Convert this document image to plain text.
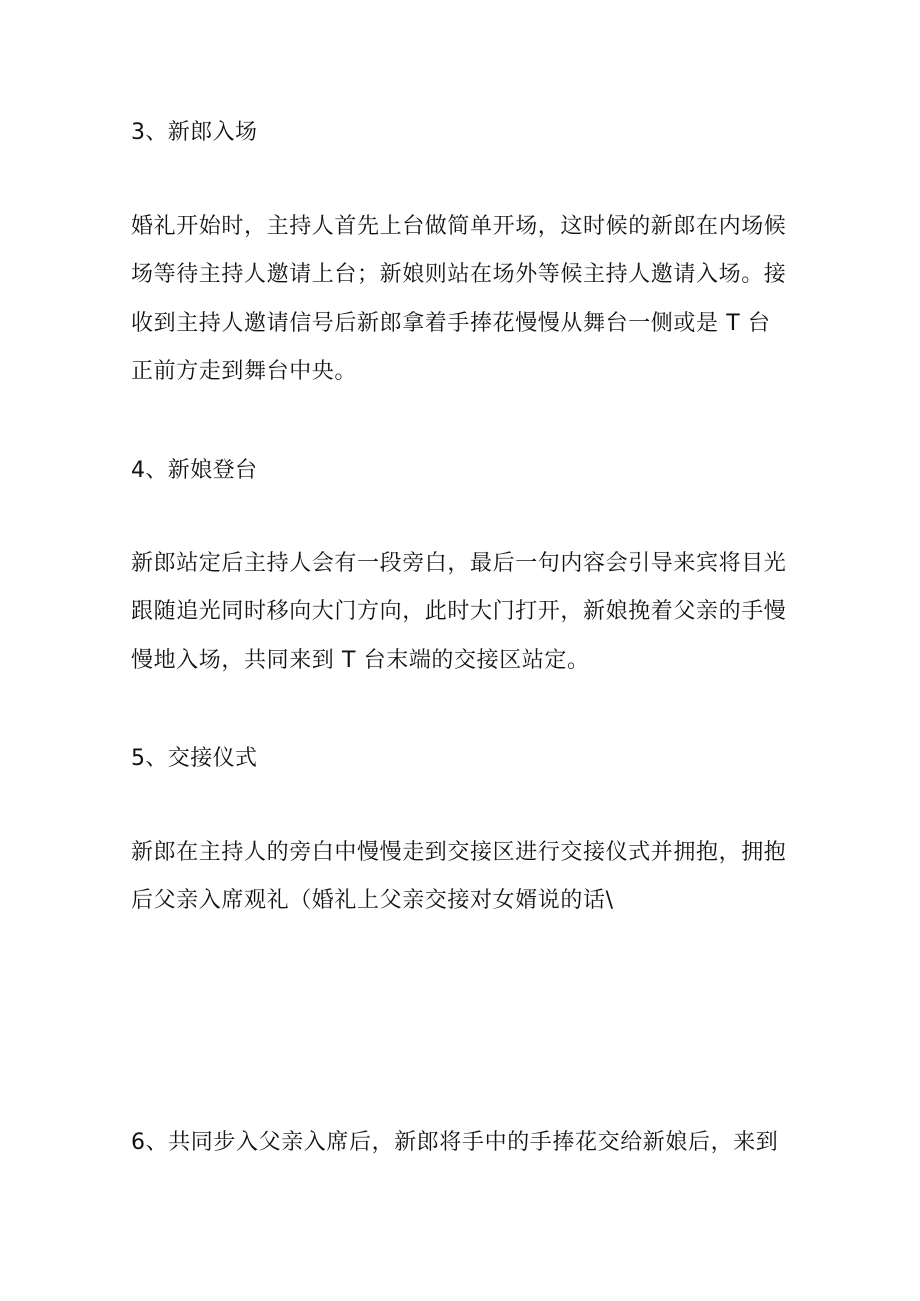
3、新郎入场
婚礼开始时，主持人首先上台做简单开场，这时候的新郎在内场候
场等待主持人邀请上台；新娘则站在场外等候主持人邀请入场。接
收到主持人邀请信号后新郎拿着手捧花慢慢从舞台一侧或是 T 台
正前方走到舞台中央。
4、新娘登台
新郎站定后主持人会有一段旁白，最后一句内容会引导来宾将目光
跟随追光同时移向大门方向，此时大门打开，新娘挽着父亲的手慢
慢地入场，共同来到 T 台末端的交接区站定。
5、交接仪式
新郎在主持人的旁白中慢慢走到交接区进行交接仪式并拥抱，拥抱
后父亲入席观礼（婚礼上父亲交接对女婿说的话\
6、共同步入父亲入席后，新郎将手中的手捧花交给新娘后，来到
